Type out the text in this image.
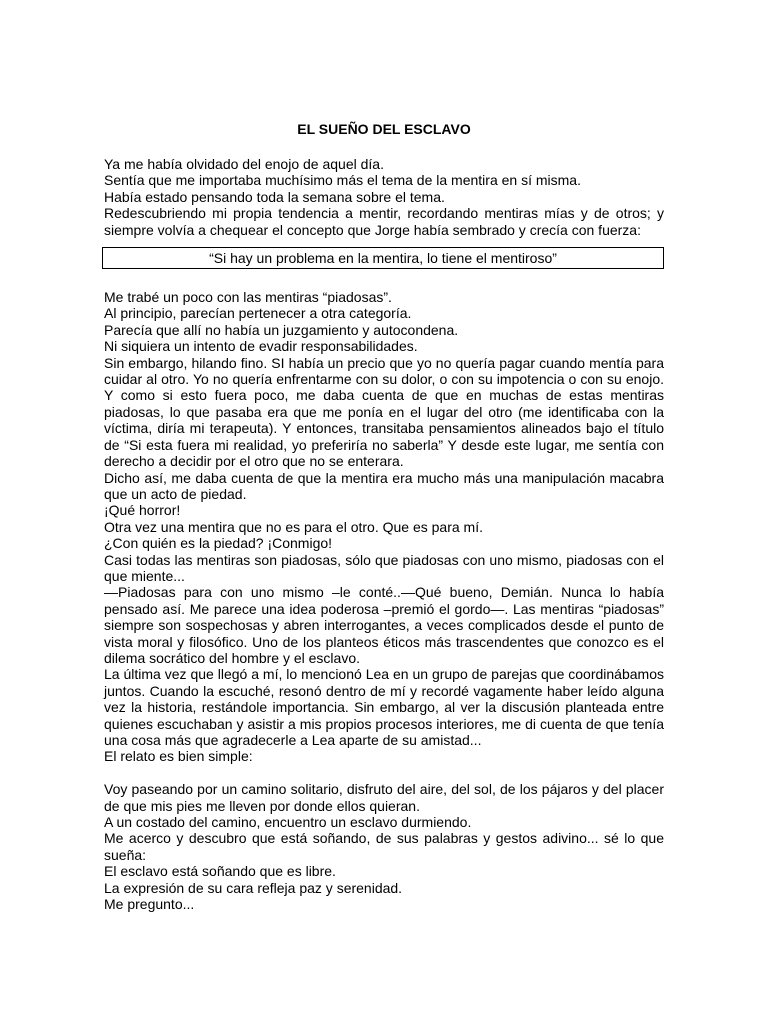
EL SUEÑO DEL ESCLAVO
Ya me había olvidado del enojo de aquel día.
Sentía que me importaba muchísimo más el tema de la mentira en sí misma.
Había estado pensando toda la semana sobre el tema.
Redescubriendo mi propia tendencia a mentir, recordando mentiras mías y de otros; y
siempre volvía a chequear el concepto que Jorge había sembrado y crecía con fuerza:
“Si hay un problema en la mentira, lo tiene el mentiroso”
Me trabé un poco con las mentiras “piadosas”.
Al principio, parecían pertenecer a otra categoría.
Parecía que allí no había un juzgamiento y autocondena.
Ni siquiera un intento de evadir responsabilidades.
Sin embargo, hilando fino. SI había un precio que yo no quería pagar cuando mentía para
cuidar al otro. Yo no quería enfrentarme con su dolor, o con su impotencia o con su enojo.
Y como si esto fuera poco, me daba cuenta de que en muchas de estas mentiras
piadosas, lo que pasaba era que me ponía en el lugar del otro (me identificaba con la
víctima, diría mi terapeuta). Y entonces, transitaba pensamientos alineados bajo el título
de “Si esta fuera mi realidad, yo preferiría no saberla” Y desde este lugar, me sentía con
derecho a decidir por el otro que no se enterara.
Dicho así, me daba cuenta de que la mentira era mucho más una manipulación macabra
que un acto de piedad.
¡Qué horror!
Otra vez una mentira que no es para el otro. Que es para mí.
¿Con quién es la piedad? ¡Conmigo!
Casi todas las mentiras son piadosas, sólo que piadosas con uno mismo, piadosas con el
que miente...
—Piadosas para con uno mismo –le conté..—Qué bueno, Demián. Nunca lo había
pensado así. Me parece una idea poderosa –premió el gordo—. Las mentiras “piadosas”
siempre son sospechosas y abren interrogantes, a veces complicados desde el punto de
vista moral y filosófico. Uno de los planteos éticos más trascendentes que conozco es el
dilema socrático del hombre y el esclavo.
La última vez que llegó a mí, lo mencionó Lea en un grupo de parejas que coordinábamos
juntos. Cuando la escuché, resonó dentro de mí y recordé vagamente haber leído alguna
vez la historia, restándole importancia. Sin embargo, al ver la discusión planteada entre
quienes escuchaban y asistir a mis propios procesos interiores, me di cuenta de que tenía
una cosa más que agradecerle a Lea aparte de su amistad...
El relato es bien simple:
Voy paseando por un camino solitario, disfruto del aire, del sol, de los pájaros y del placer
de que mis pies me lleven por donde ellos quieran.
A un costado del camino, encuentro un esclavo durmiendo.
Me acerco y descubro que está soñando, de sus palabras y gestos adivino... sé lo que
sueña:
El esclavo está soñando que es libre.
La expresión de su cara refleja paz y serenidad.
Me pregunto...
